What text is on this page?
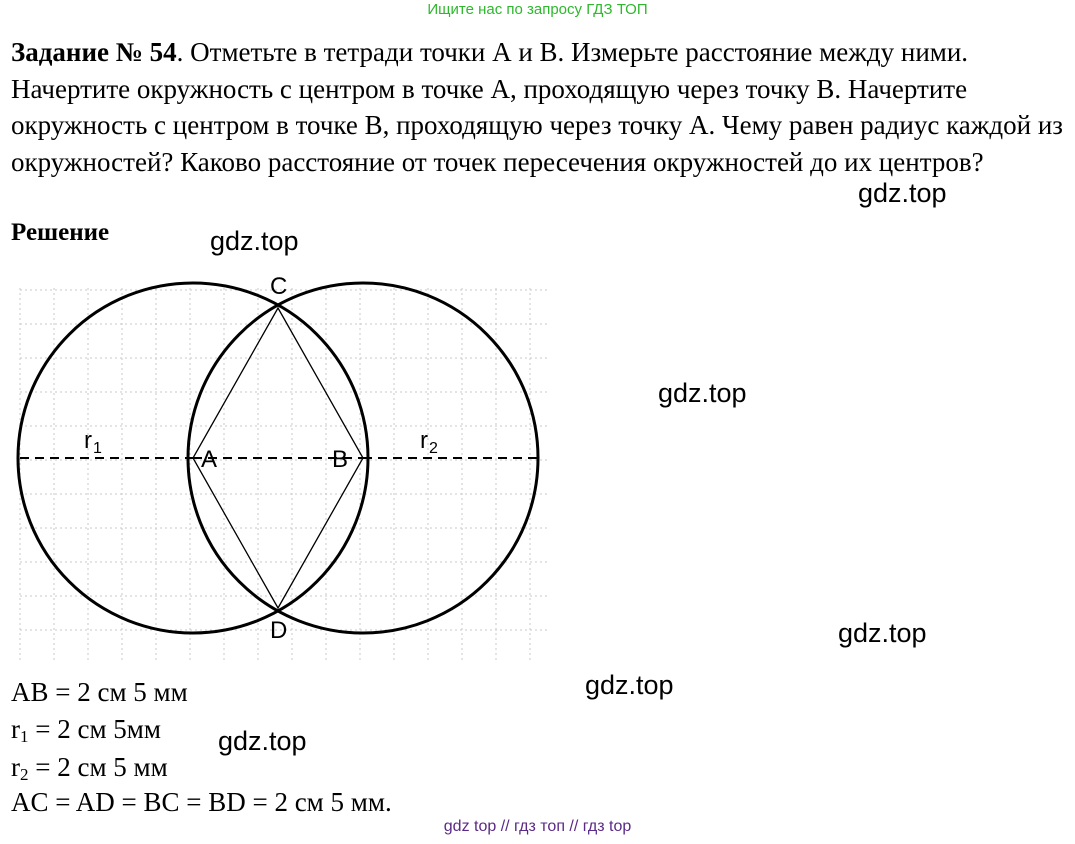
Ищите нас по запросу ГДЗ ТОП
Задание № 54. Отметьте в тетради точки А и В. Измерьте расстояние между ними. Начертите окружность с центром в точке А, проходящую через точку В. Начертите окружность с центром в точке В, проходящую через точку А. Чему равен радиус каждой из окружностей? Каково расстояние от точек пересечения окружностей до их центров?
Решение
gdz.top
gdz.top
gdz.top
gdz.top
gdz.top
gdz.top
$r_1$	$r_2$
A	B
C
D
AB = 2 см 5 мм
$r_1 = 2$ см 5мм
$r_2 = 2$ см 5 мм
AC = AD = BC = BD = 2 см 5 мм.
gdz top // гдз топ // гдз top
